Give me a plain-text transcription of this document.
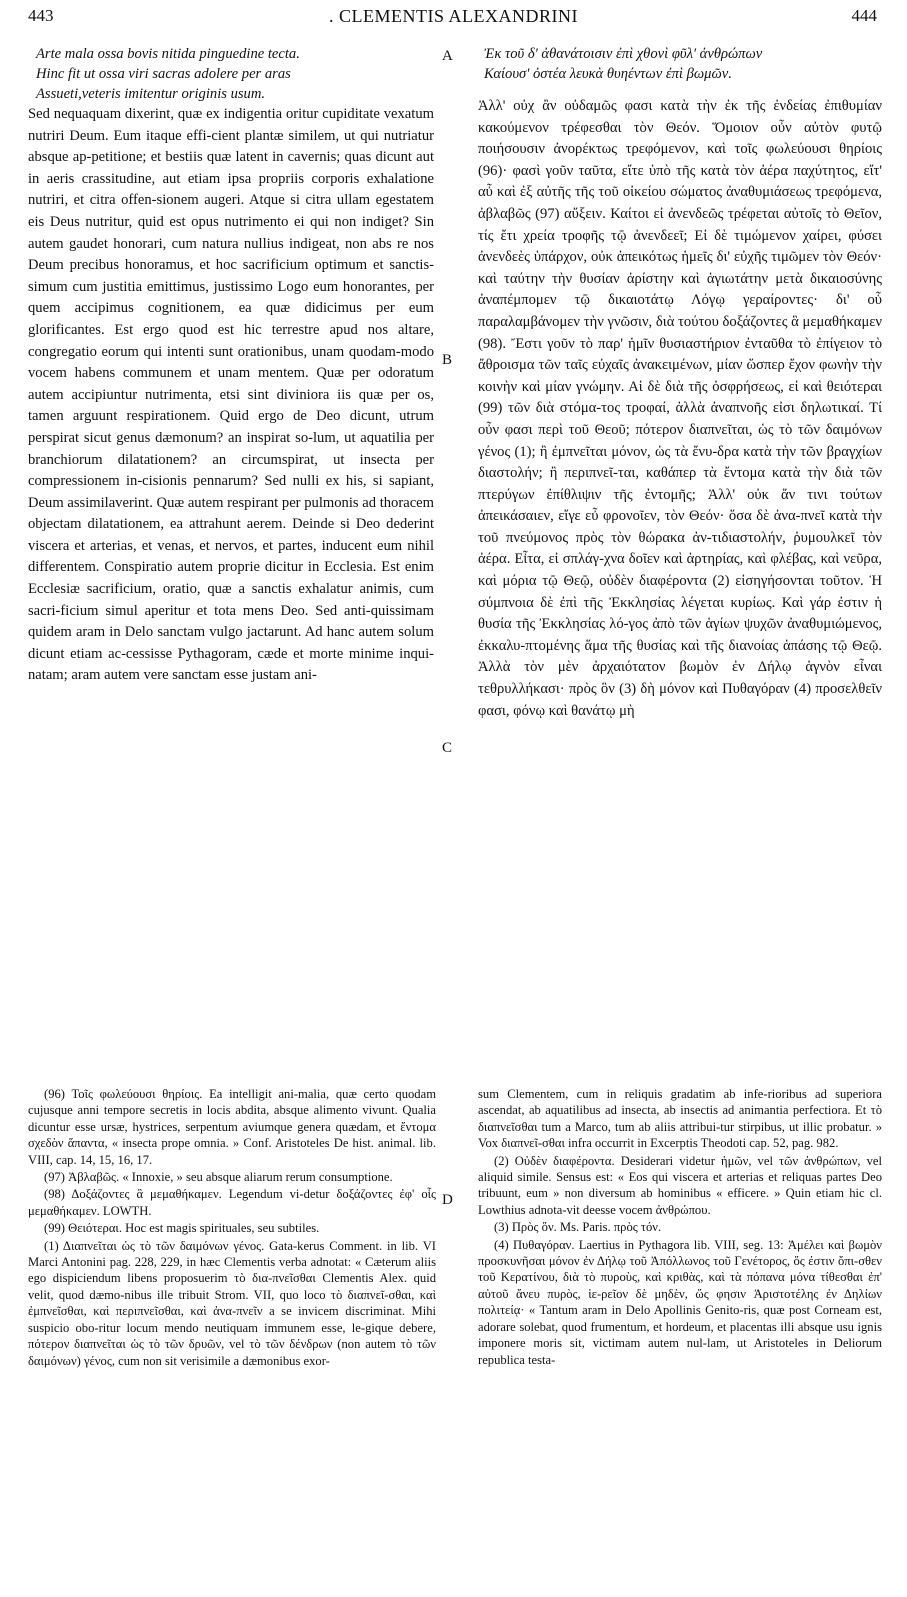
443	. CLEMENTIS ALEXANDRINI	444
Arte mala ossa bovis nitida pinguedine tecta.
Hinc fit ut ossa viri sacras adolere per aras
Assueti,veteris imitentur originis usum.

Sed nequaquam dixerint, quæ ex indigentia oritur cupiditate vexatum nutriri Deum. Eum itaque effi-cient plantæ similem, ut qui nutriatur absque ap-petitione; et bestiis quæ latent in cavernis; quas dicunt aut in aeris crassitudine, aut etiam ipsa propriis corporis exhalatione nutriri, et citra offen-sionem augeri. Atque si citra ullam egestatem eis Deus nutritur, quid est opus nutrimento ei qui non indiget? Sin autem gaudet honorari, cum natura nullius indigeat, non abs re nos Deum precibus honoramus, et hoc sacrificium optimum et sanctis-simum cum justitia emittimus, justissimo Logo eum honorantes, per quem accipimus cognitionem, ea quæ didicimus per eum glorificantes. Est ergo quod est hic terrestre apud nos altare, congregatio eorum qui intenti sunt orationibus, unam quodam-modo vocem habens communem et unam mentem. Quæ per odoratum autem accipiuntur nutrimenta, etsi sint diviniora iis quæ per os, tamen arguunt respirationem. Quid ergo de Deo dicunt, utrum perspirat sicut genus dæmonum? an inspirat so-lum, ut aquatilia per branchiorum dilatationem? an circumspirat, ut insecta per compressionem in-cisionis pennarum? Sed nulli ex his, si sapiant, Deum assimilaverint. Quæ autem respirant per pulmonis ad thoracem objectam dilatationem, ea attrahunt aerem. Deinde si Deo dederint viscera et arterias, et venas, et nervos, et partes, inducent eum nihil differentem. Conspiratio autem proprie dicitur in Ecclesia. Est enim Ecclesiæ sacrificium, oratio, quæ a sanctis exhalatur animis, cum sacri-ficium simul aperitur et tota mens Deo. Sed anti-quissimam quidem aram in Delo sanctam vulgo jactarunt. Ad hanc autem solum dicunt etiam ac-cessisse Pythagoram, cæde et morte minime inqui-natam; aram autem vere sanctam esse justam ani-

Ἐκ τοῦ δ' ἀθανάτοισιν ἐπὶ χθονὶ φῦλ' ἀνθρώπων
Καίουσ' ὀστέα λευκὰ θυηέντων ἐπὶ βωμῶν.

Ἀλλ' οὐχ ἂν οὐδαμῶς φασι κατὰ τὴν ἐκ τῆς ἐνδείας ἐπιθυμίαν κακούμενον τρέφεσθαι τὸν Θεόν. Ὅμοιον οὖν αὐτὸν φυτῷ ποιήσουσιν ἀνορέκτως τρεφόμενον, καὶ τοῖς φωλεύουσι θηρίοις (96)· φασὶ γοῦν ταῦτα, εἴτε ὑπὸ τῆς κατὰ τὸν ἀέρα παχύτητος, εἴτ' αὖ καὶ ἐξ αὐτῆς τῆς τοῦ οἰκείου σώματος ἀναθυμιάσεως τρεφόμενα, ἀβλαβῶς (97) αὔξειν. Καίτοι εἰ ἀνενδεῶς τρέφεται αὐτοῖς τὸ Θεῖον, τίς ἔτι χρεία τροφῆς τῷ ἀνενδεεῖ; Εἰ δὲ τιμώμενον χαίρει, φύσει ἀνενδεὲς ὑπάρχον, οὐκ ἀπεικότως ἡμεῖς δι' εὐχῆς τιμῶμεν τὸν Θεόν· καὶ ταύτην τὴν θυσίαν ἀρίστην καὶ ἁγιωτάτην μετὰ δικαιοσύνης ἀναπέμπομεν τῷ δικαιοτάτῳ Λόγῳ γεραίροντες· δι' οὗ παραλαμβάνομεν τὴν γνῶσιν, διὰ τούτου δοξάζοντες ἃ μεμαθήκαμεν (98). Ἔστι γοῦν τὸ παρ' ἡμῖν θυσιαστήριον ἐνταῦθα τὸ ἐπίγειον τὸ ἄθροισμα τῶν ταῖς εὐχαῖς ἀνακειμένων, μίαν ὥσπερ ἔχον φωνὴν τὴν κοινὴν καὶ μίαν γνώμην. Αἱ δὲ διὰ τῆς ὀσφρήσεως, εἰ καὶ θειότεραι (99) τῶν διὰ στόμα-τος τροφαί, ἀλλὰ ἀναπνοῆς εἰσι δηλωτικαί. Τί οὖν φασι περὶ τοῦ Θεοῦ; πότερον διαπνεῖται, ὡς τὸ τῶν δαιμόνων γένος (1); ἢ ἐμπνεῖται μόνον, ὡς τὰ ἔνυ-δρα κατὰ τὴν τῶν βραγχίων διαστολήν; ἢ περιπνεῖ-ται, καθάπερ τὰ ἔντομα κατὰ τὴν διὰ τῶν πτερύγων ἐπίθλιψιν τῆς ἐντομῆς; Ἀλλ' οὐκ ἄν τινι τούτων ἀπεικάσαιεν, εἴγε εὖ φρονοῖεν, τὸν Θεόν· ὅσα δὲ ἀνα-πνεῖ κατὰ τὴν τοῦ πνεύμονος πρὸς τὸν θώρακα ἀν-τιδιαστολήν, ῥυμουλκεῖ τὸν ἀέρα. Εἶτα, εἰ σπλάγ-χνα δοῖεν καὶ ἀρτηρίας, καὶ φλέβας, καὶ νεῦρα, καὶ μόρια τῷ Θεῷ, οὐδὲν διαφέροντα (2) εἰσηγήσονται τοῦτον. Ἡ σύμπνοια δὲ ἐπὶ τῆς Ἐκκλησίας λέγεται κυρίως. Καὶ γάρ ἐστιν ἡ θυσία τῆς Ἐκκλησίας λό-γος ἀπὸ τῶν ἁγίων ψυχῶν ἀναθυμιώμενος, ἐκκαλυ-πτομένης ἅμα τῆς θυσίας καὶ τῆς διανοίας ἁπάσης τῷ Θεῷ. Ἀλλὰ τὸν μὲν ἀρχαιότατον βωμὸν ἐν Δήλῳ ἁγνὸν εἶναι τεθρυλλήκασι· πρὸς ὃν (3) δὴ μόνον καὶ Πυθαγόραν (4) προσελθεῖν φασι, φόνῳ καὶ θανάτῳ μὴ

A
B
C
D

(96) Τοῖς φωλεύουσι θηρίοις. Ea intelligit ani-malia, quæ certo quodam cujusque anni tempore secretis in locis abdita, absque alimento vivunt. Qualia dicuntur esse ursæ, hystrices, serpentum aviumque genera quædam, et ἔντομα σχεδὸν ἅπαντα, « insecta prope omnia. » Conf. Aristoteles De hist. animal. lib. VIII, cap. 14, 15, 16, 17.

(97) Ἀβλαβῶς. « Innoxie, » seu absque aliarum rerum consumptione.

(98) Δοξάζοντες ἃ μεμαθήκαμεν. Legendum vi-detur δοξάζοντες ἐφ' οἷς μεμαθήκαμεν. LOWTH.

(99) Θειότεραι. Hoc est magis spirituales, seu subtiles.

(1) Διαπνεῖται ὡς τὸ τῶν δαιμόνων γένος. Gata-kerus Comment. in lib. VI Marci Antonini pag. 228, 229, in hæc Clementis verba adnotat: « Cæterum aliis ego dispiciendum libens proposuerim τὸ δια-πνεῖσθαι Clementis Alex. quid velit, quod dæmo-nibus ille tribuit Strom. VII, quo loco τὸ διαπνεῖ-σθαι, καὶ ἐμπνεῖσθαι, καὶ περιπνεῖσθαι, καὶ ἀνα-πνεῖν a se invicem discriminat. Mihi suspicio obo-ritur locum mendo neutiquam immunem esse, le-gique debere, πότερον διαπνεῖται ὡς τὸ τῶν δρυῶν, vel τὸ τῶν δένδρων (non autem τὸ τῶν δαιμόνων) γένος, cum non sit verisimile a dæmonibus exor-

sum Clementem, cum in reliquis gradatim ab infe-rioribus ad superiora ascendat, ab aquatilibus ad insecta, ab insectis ad animantia perfectiora. Et τὸ διαπνεῖσθαι tum a Marco, tum ab aliis attribui-tur stirpibus, ut illic probatur. » Vox διαπνεῖ-σθαι infra occurrit in Excerptis Theodoti cap. 52, pag. 982.

(2) Οὐδὲν διαφέροντα. Desiderari videtur ἡμῶν, vel τῶν ἀνθρώπων, vel aliquid simile. Sensus est: « Eos qui viscera et arterias et reliquas partes Deo tribuunt, eum » non diversum ab hominibus « efficere. » Quin etiam hic cl. Lowthius adnota-vit deesse vocem ἀνθρώπου.

(3) Πρὸς ὅν. Ms. Paris. πρὸς τόν.

(4) Πυθαγόραν. Laertius in Pythagora lib. VIII, seg. 13: Ἀμέλει καὶ βωμὸν προσκυνῆσαι μόνον ἐν Δήλῳ τοῦ Ἀπόλλωνος τοῦ Γενέτορος, ὅς ἐστιν ὄπι-σθεν τοῦ Κερατίνου, διὰ τὸ πυροὺς, καὶ κριθὰς, καὶ τὰ πόπανα μόνα τίθεσθαι ἐπ' αὐτοῦ ἄνευ πυρὸς, ἱε-ρεῖον δὲ μηδὲν, ὥς φησιν Ἀριστοτέλης ἐν Δηλίων πολιτείᾳ· « Tantum aram in Delo Apollinis Genito-ris, quæ post Corneam est, adorare solebat, quod frumentum, et hordeum, et placentas illi absque usu ignis imponere moris sit, victimam autem nul-lam, ut Aristoteles in Deliorum republica testa-
